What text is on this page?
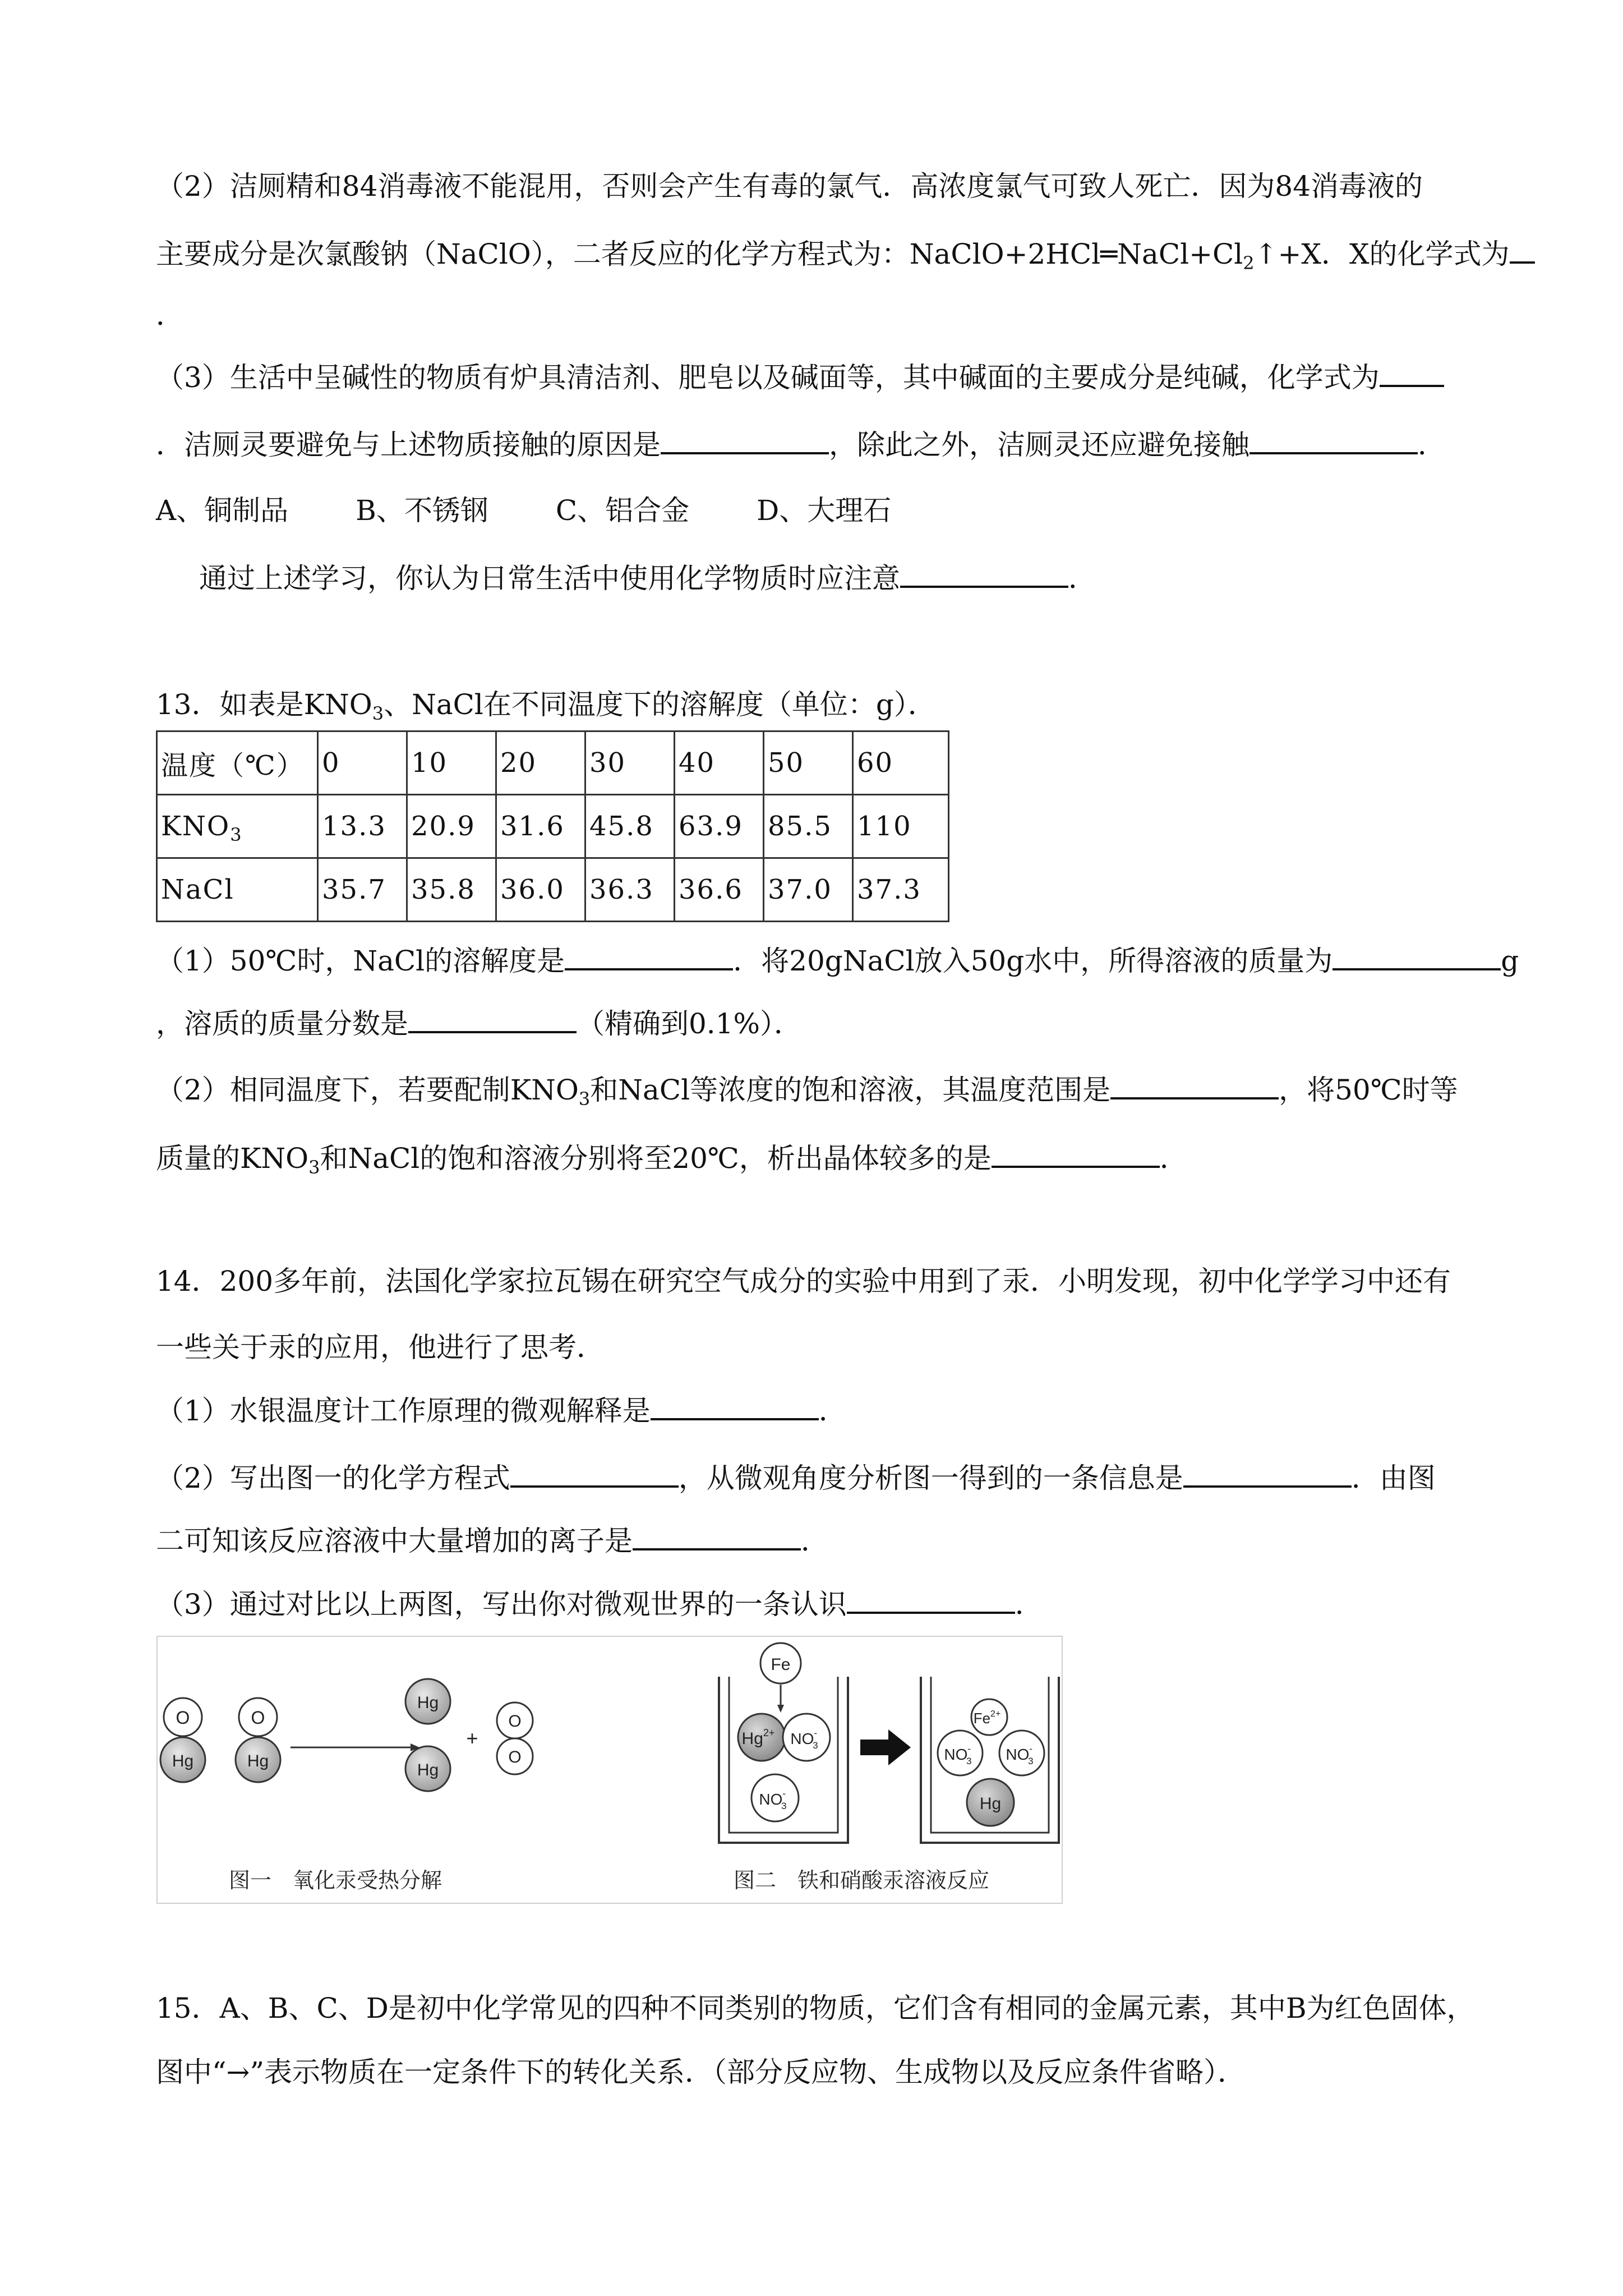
（2）洁厕精和84消毒液不能混用，否则会产生有毒的氯气．高浓度氯气可致人死亡．因为84消毒液的
主要成分是次氯酸钠（NaClO），二者反应的化学方程式为：$NaClO+2HCl═NaCl+Cl_2↑+X$．X的化学式为
．
（3）生活中呈碱性的物质有炉具清洁剂、肥皂以及碱面等，其中碱面的主要成分是纯碱，化学式为
．洁厕灵要避免与上述物质接触的原因是	，除此之外，洁厕灵还应避免接触	．
A、铜制品 B、不锈钢 C、铝合金 D、大理石
通过上述学习，你认为日常生活中使用化学物质时应注意	．
13．如表是$KNO_3$、NaCl在不同温度下的溶解度（单位：g）．
温度（℃）	0	10	20	30	40	50	60
$KNO_3$	13.3	20.9	31.6	45.8	63.9	85.5	110
NaCl	35.7	35.8	36.0	36.3	36.6	37.0	37.3
（1）50℃时，NaCl的溶解度是	．将20gNaCl放入50g水中，所得溶液的质量为	g
，溶质的质量分数是	（精确到0.1%）．
（2）相同温度下，若要配制$KNO_3$和NaCl等浓度的饱和溶液，其温度范围是	，将50℃时等
质量的$KNO_3$和NaCl的饱和溶液分别将至20℃，析出晶体较多的是	．
14．200多年前，法国化学家拉瓦锡在研究空气成分的实验中用到了汞．小明发现，初中化学学习中还有
一些关于汞的应用，他进行了思考．
（1）水银温度计工作原理的微观解释是	．
（2）写出图一的化学方程式	，从微观角度分析图一得到的一条信息是	．由图
二可知该反应溶液中大量增加的离子是	．
（3）通过对比以上两图，写出你对微观世界的一条认识	．
O
Hg
O
Hg
Hg
Hg
+
O
O
图一　氧化汞受热分解
Fe
$Hg^{2+}$ NO-3
NO-3
$Fe^{2+}$
NO-3 NO-3
Hg
图二　铁和硝酸汞溶液反应
15．A、B、C、D是初中化学常见的四种不同类别的物质，它们含有相同的金属元素，其中B为红色固体，
图中“→”表示物质在一定条件下的转化关系．（部分反应物、生成物以及反应条件省略）．
